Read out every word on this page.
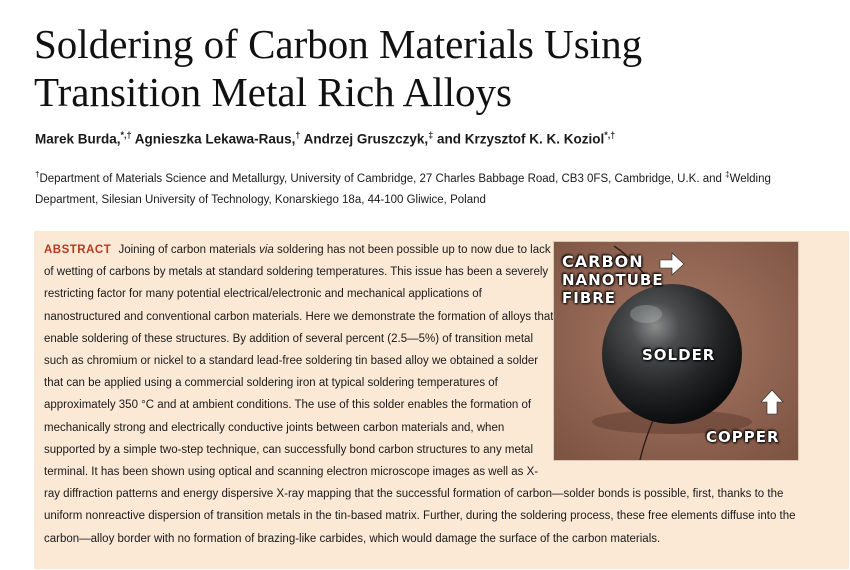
Soldering of Carbon Materials Using
Transition Metal Rich Alloys
Marek Burda,*,† Agnieszka Lekawa-Raus,† Andrzej Gruszczyk,‡ and Krzysztof K. K. Koziol*,†
†Department of Materials Science and Metallurgy, University of Cambridge, 27 Charles Babbage Road, CB3 0FS, Cambridge, U.K. and ‡Welding Department, Silesian University of Technology, Konarskiego 18a, 44-100 Gliwice, Poland
ABSTRACT Joining of carbon materials via soldering has not been possible up to now due to lack of wetting of carbons by metals at standard soldering temperatures. This issue has been a severely restricting factor for many potential electrical/electronic and mechanical applications of nanostructured and conventional carbon materials. Here we demonstrate the formation of alloys that enable soldering of these structures. By addition of several percent (2.5—5%) of transition metal such as chromium or nickel to a standard lead-free soldering tin based alloy we obtained a solder that can be applied using a commercial soldering iron at typical soldering temperatures of approximately 350 °C and at ambient conditions. The use of this solder enables the formation of mechanically strong and electrically conductive joints between carbon materials and, when supported by a simple two-step technique, can successfully bond carbon structures to any metal terminal. It has been shown using optical and scanning electron microscope images as well as X-ray diffraction patterns and energy dispersive X-ray mapping that the successful formation of carbon—solder bonds is possible, first, thanks to the uniform nonreactive dispersion of transition metals in the tin-based matrix. Further, during the soldering process, these free elements diffuse into the carbon—alloy border with no formation of brazing-like carbides, which would damage the surface of the carbon materials.
CARBON
NANOTUBE
FIBRE
SOLDER
COPPER
